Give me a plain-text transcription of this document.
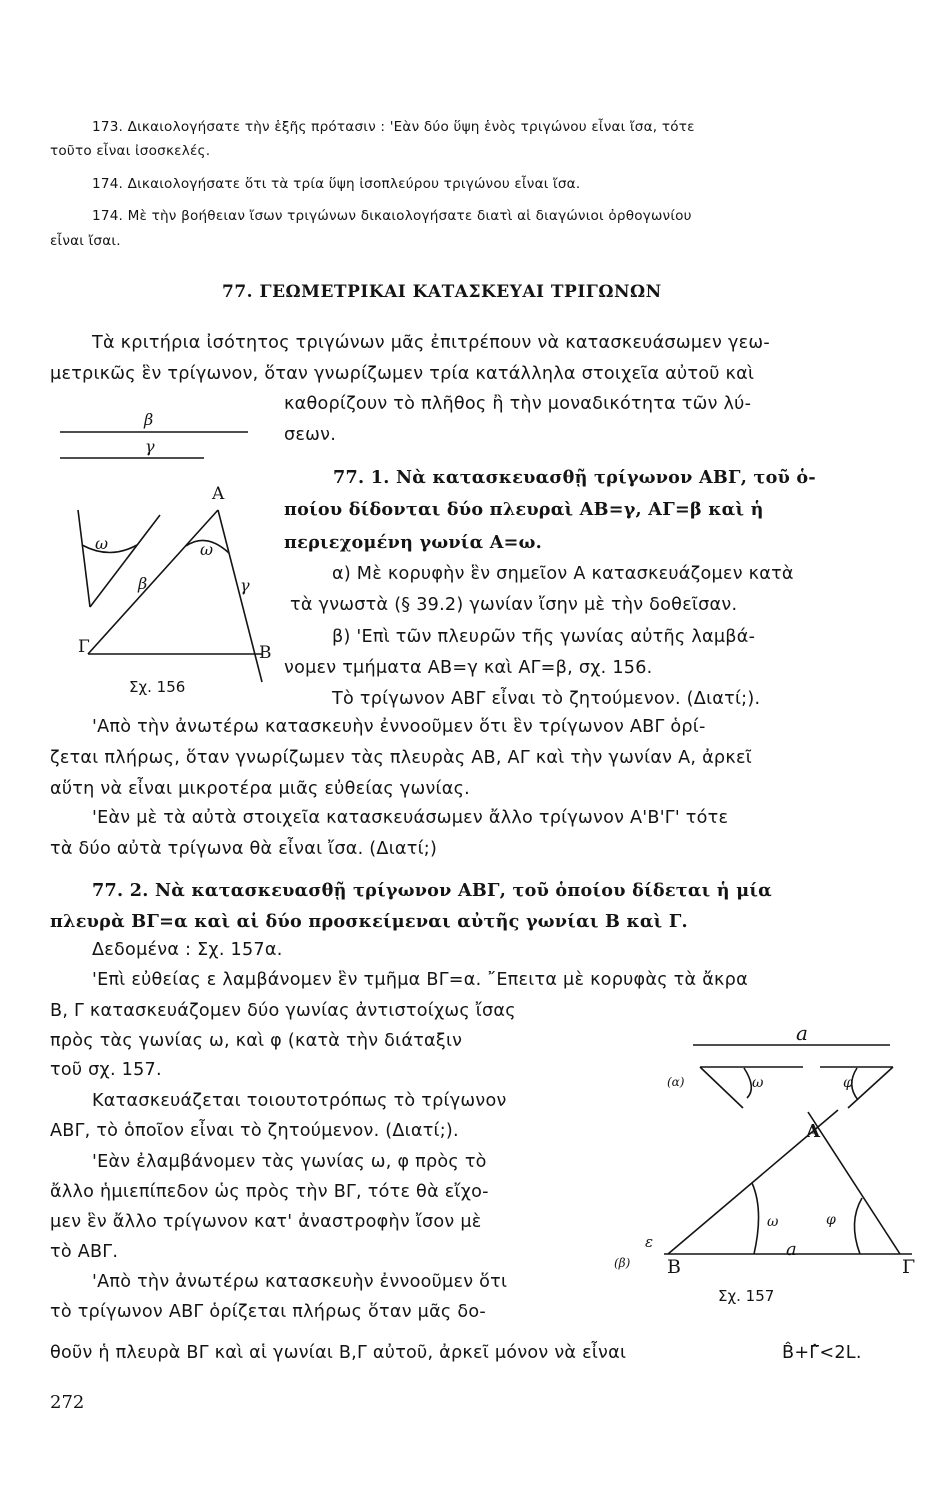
173. Δικαιολογήσατε τὴν ἑξῆς πρότασιν : 'Εὰν δύο ὕψη ἑνὸς τριγώνου εἶναι ἴσα, τότε

τοῦτο εἶναι ἰσοσκελές.

174. Δικαιολογήσατε ὅτι τὰ τρία ὕψη ἰσοπλεύρου τριγώνου εἶναι ἴσα.

174. Μὲ τὴν βοήθειαν ἴσων τριγώνων δικαιολογήσατε διατὶ αἱ διαγώνιοι ὀρθογωνίου

εἶναι ἴσαι.

77. ΓΕΩΜΕΤΡΙΚΑΙ ΚΑΤΑΣΚΕΥΑΙ ΤΡΙΓΩΝΩΝ

Τὰ κριτήρια ἰσότητος τριγώνων μᾶς ἐπιτρέπουν νὰ κατασκευάσωμεν γεω-

μετρικῶς ἓν τρίγωνον, ὅταν γνωρίζωμεν τρία κατάλληλα στοιχεῖα αὐτοῦ καὶ

καθορίζουν τὸ πλῆθος ἢ τὴν μοναδικότητα τῶν λύ-

σεων.

β
γ
ω
Α
ω
β	γ
Γ	Β
Σχ. 156

77. 1. Νὰ κατασκευασθῇ τρίγωνον ΑΒΓ, τοῦ ὁ-

ποίου δίδονται δύο πλευραὶ ΑΒ=γ, ΑΓ=β καὶ ἡ

περιεχομένη γωνία Α=ω.

α) Μὲ κορυφὴν ἓν σημεῖον Α κατασκευάζομεν κατὰ

τὰ γνωστὰ (§ 39.2) γωνίαν ἴσην μὲ τὴν δοθεῖσαν.

β) 'Επὶ τῶν πλευρῶν τῆς γωνίας αὐτῆς λαμβά-

νομεν τμήματα ΑΒ=γ καὶ ΑΓ=β, σχ. 156.

Τὸ τρίγωνον ΑΒΓ εἶναι τὸ ζητούμενον. (Διατί;).

'Απὸ τὴν ἀνωτέρω κατασκευὴν ἐννοοῦμεν ὅτι ἓν τρίγωνον ΑΒΓ ὁρί-

ζεται πλήρως, ὅταν γνωρίζωμεν τὰς πλευρὰς ΑΒ, ΑΓ καὶ τὴν γωνίαν Α, ἀρκεῖ

αὕτη νὰ εἶναι μικροτέρα μιᾶς εὐθείας γωνίας.

'Εὰν μὲ τὰ αὐτὰ στοιχεῖα κατασκευάσωμεν ἄλλο τρίγωνον Α'Β'Γ' τότε

τὰ δύο αὐτὰ τρίγωνα θὰ εἶναι ἴσα. (Διατί;)

77. 2. Νὰ κατασκευασθῇ τρίγωνον ΑΒΓ, τοῦ ὁποίου δίδεται ἡ μία

πλευρὰ ΒΓ=α καὶ αἱ δύο προσκείμεναι αὐτῆς γωνίαι Β καὶ Γ.

Δεδομένα : Σχ. 157α.

'Επὶ εὐθείας ε λαμβάνομεν ἓν τμῆμα ΒΓ=α. ῎Επειτα μὲ κορυφὰς τὰ ἄκρα

Β, Γ κατασκευάζομεν δύο γωνίας ἀντιστοίχως ἴσας

πρὸς τὰς γωνίας ω, καὶ φ (κατὰ τὴν διάταξιν

τοῦ σχ. 157.

Κατασκευάζεται τοιουτοτρόπως τὸ τρίγωνον

ΑΒΓ, τὸ ὁποῖον εἶναι τὸ ζητούμενον. (Διατί;).

'Εὰν ἐλαμβάνομεν τὰς γωνίας ω, φ πρὸς τὸ

ἄλλο ἡμιεπίπεδον ὡς πρὸς τὴν ΒΓ, τότε θὰ εἴχο-

μεν ἓν ἄλλο τρίγωνον κατ' ἀναστροφὴν ἴσον μὲ

τὸ ΑΒΓ.

'Απὸ τὴν ἀνωτέρω κατασκευὴν ἐννοοῦμεν ὅτι

τὸ τρίγωνον ΑΒΓ ὁρίζεται πλήρως ὅταν μᾶς δο-

θοῦν ἡ πλευρὰ ΒΓ καὶ αἱ γωνίαι Β,Γ αὐτοῦ, ἀρκεῖ μόνον νὰ εἶναι	B̂+Γ̂<2L.
a
(α)	ω	φ
Α
ω	φ
ε
(β) Β
a
Γ
Σχ. 157
272
